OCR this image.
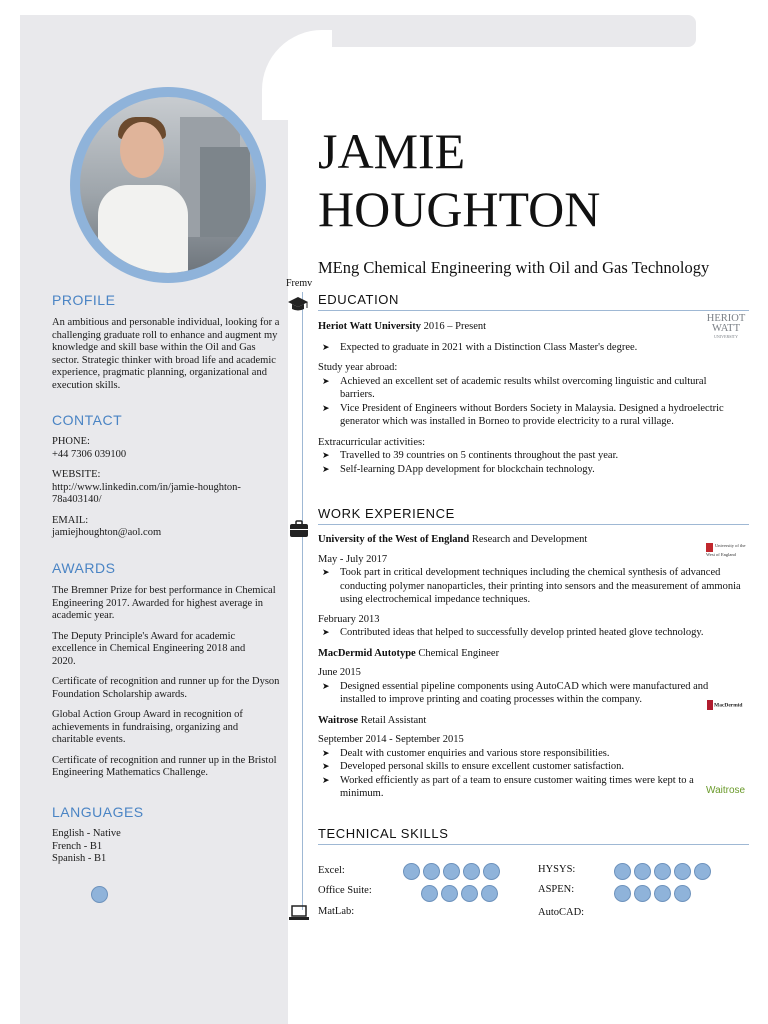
PROFILE

An ambitious and personable individual, looking for a challenging graduate roll to enhance and augment my knowledge and skill base within the Oil and Gas sector. Strategic thinker with broad life and academic experience, pragmatic planning, organizational and execution skills.

CONTACT

PHONE:

+44 7306 039100

WEBSITE:

http://www.linkedin.com/in/jamie-houghton-78a403140/

EMAIL:

jamiejhoughton@aol.com

AWARDS

The Bremner Prize for best performance in Chemical Engineering 2017. Awarded for highest average in academic year.

The Deputy Principle's Award for academic excellence in Chemical Engineering 2018 and 2020.

Certificate of recognition and runner up for the Dyson Foundation Scholarship awards.

Global Action Group Award in recognition of achievements in fundraising, organizing and charitable events.

Certificate of recognition and runner up in the Bristol Engineering Mathematics Challenge.

LANGUAGES

English - Native

French - B1

Spanish - B1

JAMIE
HOUGHTON
MEng Chemical Engineering with Oil and Gas Technology
Fremv
EDUCATION
HERIOT
WATT
UNIVERSITY
Heriot Watt University 2016 – Present
➤ Expected to graduate in 2021 with a Distinction Class Master's degree.
Study year abroad:
➤ Achieved an excellent set of academic results whilst overcoming linguistic and cultural barriers.
➤ Vice President of Engineers without Borders Society in Malaysia. Designed a hydroelectric generator which was installed in Borneo to provide electricity to a rural village.
Extracurricular activities:
➤ Travelled to 39 countries on 5 continents throughout the past year.
➤ Self-learning DApp development for blockchain technology.
WORK EXPERIENCE
University of the West of England
MacDermid
Waitrose
University of the West of England Research and Development
May - July 2017
➤ Took part in critical development techniques including the chemical synthesis of advanced conducting polymer nanoparticles, their printing into sensors and the measurement of ammonia using electrochemical impedance techniques.
February 2013
➤ Contributed ideas that helped to successfully develop printed heated glove technology.
MacDermid Autotype Chemical Engineer
June 2015
➤ Designed essential pipeline components using AutoCAD which were manufactured and installed to improve printing and coating processes within the company.
Waitrose Retail Assistant
September 2014 - September 2015
➤ Dealt with customer enquiries and various store responsibilities.
➤ Developed personal skills to ensure excellent customer satisfaction.
➤ Worked efficiently as part of a team to ensure customer waiting times were kept to a minimum.
TECHNICAL SKILLS
Excel:
Office Suite:
MatLab:
HYSYS:
ASPEN:
AutoCAD:
